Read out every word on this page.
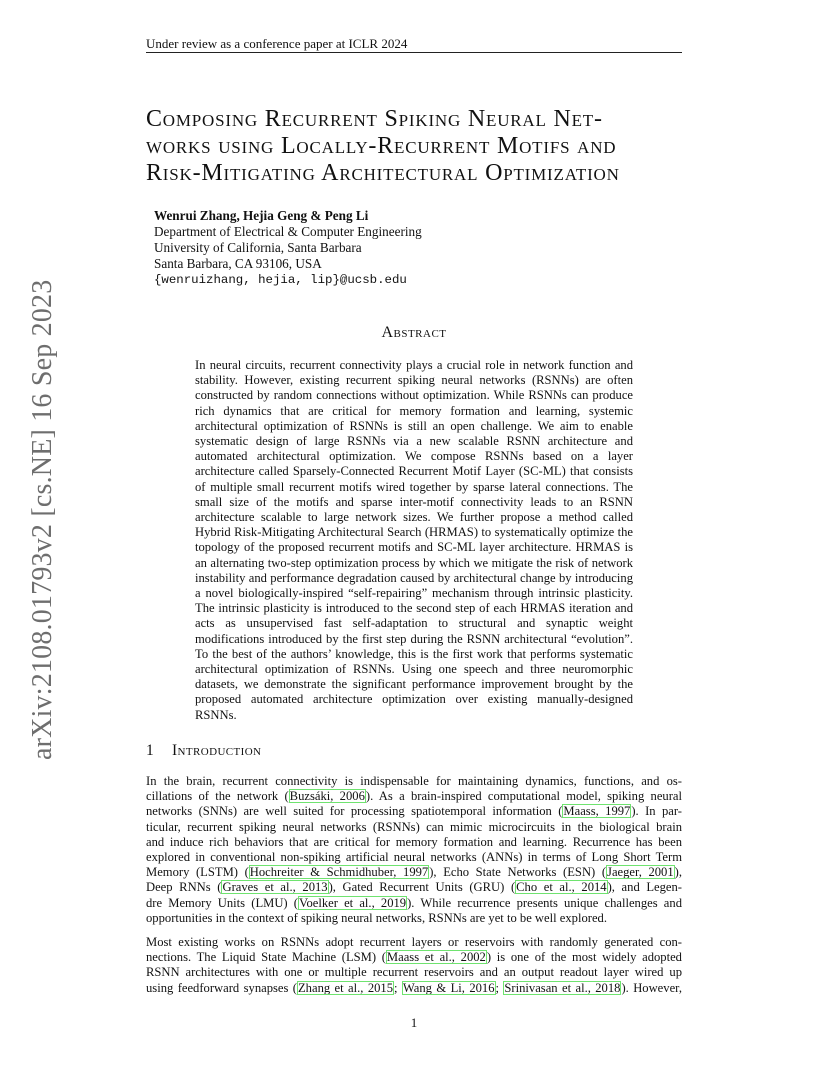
Under review as a conference paper at ICLR 2024
arXiv:2108.01793v2 [cs.NE] 16 Sep 2023
Composing Recurrent Spiking Neural Net-
works using Locally-Recurrent Motifs and
Risk-Mitigating Architectural Optimization
Wenrui Zhang, Hejia Geng & Peng Li
Department of Electrical & Computer Engineering
University of California, Santa Barbara
Santa Barbara, CA 93106, USA
{wenruizhang, hejia, lip}@ucsb.edu
Abstract
In neural circuits, recurrent connectivity plays a crucial role in network function and stability. However, existing recurrent spiking neural networks (RSNNs) are often constructed by random connections without optimization. While RSNNs can produce rich dynamics that are critical for memory formation and learning, systemic architectural optimization of RSNNs is still an open challenge. We aim to enable systematic design of large RSNNs via a new scalable RSNN architecture and automated architectural optimization. We compose RSNNs based on a layer architecture called Sparsely-Connected Recurrent Motif Layer (SC-ML) that consists of multiple small recurrent motifs wired together by sparse lateral connections. The small size of the motifs and sparse inter-motif connectivity leads to an RSNN architecture scalable to large network sizes. We further propose a method called Hybrid Risk-Mitigating Architectural Search (HRMAS) to systematically optimize the topology of the proposed recurrent motifs and SC-ML layer architecture. HRMAS is an alternating two-step optimization process by which we mitigate the risk of network instability and performance degradation caused by architectural change by introducing a novel biologically-inspired “self-repairing” mechanism through intrinsic plasticity. The intrinsic plasticity is introduced to the second step of each HRMAS iteration and acts as unsupervised fast self-adaptation to structural and synaptic weight modifications introduced by the first step during the RSNN architectural “evolution”. To the best of the authors’ knowledge, this is the first work that performs systematic architectural optimization of RSNNs. Using one speech and three neuromorphic datasets, we demonstrate the significant performance improvement brought by the proposed automated architecture optimization over existing manually-designed RSNNs.
1 Introduction
In the brain, recurrent connectivity is indispensable for maintaining dynamics, functions, and os-
cillations of the network (Buzsáki, 2006). As a brain-inspired computational model, spiking neural
networks (SNNs) are well suited for processing spatiotemporal information (Maass, 1997). In par-
ticular, recurrent spiking neural networks (RSNNs) can mimic microcircuits in the biological brain
and induce rich behaviors that are critical for memory formation and learning. Recurrence has been
explored in conventional non-spiking artificial neural networks (ANNs) in terms of Long Short Term
Memory (LSTM) (Hochreiter & Schmidhuber, 1997), Echo State Networks (ESN) (Jaeger, 2001),
Deep RNNs (Graves et al., 2013), Gated Recurrent Units (GRU) (Cho et al., 2014), and Legen-
dre Memory Units (LMU) (Voelker et al., 2019). While recurrence presents unique challenges and
opportunities in the context of spiking neural networks, RSNNs are yet to be well explored.
Most existing works on RSNNs adopt recurrent layers or reservoirs with randomly generated con-
nections. The Liquid State Machine (LSM) (Maass et al., 2002) is one of the most widely adopted
RSNN architectures with one or multiple recurrent reservoirs and an output readout layer wired up
using feedforward synapses (Zhang et al., 2015; Wang & Li, 2016; Srinivasan et al., 2018). However,
1
